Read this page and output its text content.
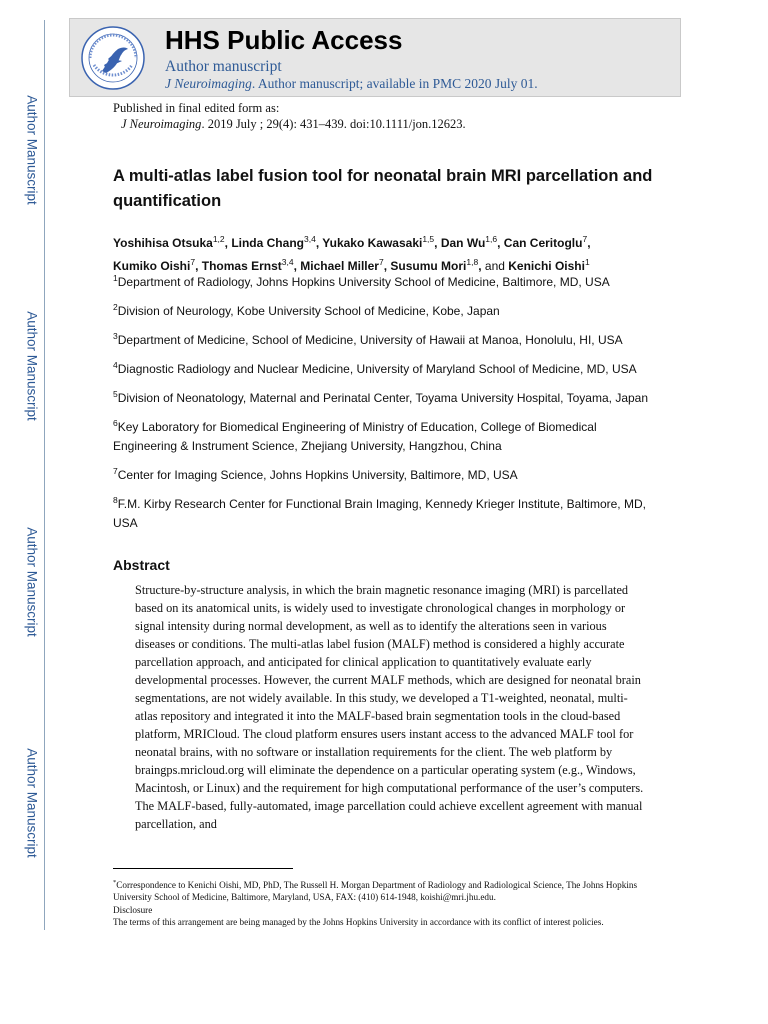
Author Manuscript
Author Manuscript
Author Manuscript
Author Manuscript
HHS Public Access
Author manuscript
J Neuroimaging. Author manuscript; available in PMC 2020 July 01.
Published in final edited form as:
J Neuroimaging. 2019 July ; 29(4): 431–439. doi:10.1111/jon.12623.
A multi-atlas label fusion tool for neonatal brain MRI parcellation and quantification
Yoshihisa Otsuka$^{1,2}$, Linda Chang$^{3,4}$, Yukako Kawasaki$^{1,5}$, Dan Wu$^{1,6}$, Can Ceritoglu$^7$, Kumiko Oishi$^7$, Thomas Ernst$^{3,4}$, Michael Miller$^7$, Susumu Mori$^{1,8}$, and Kenichi Oishi$^1$
$^1$Department of Radiology, Johns Hopkins University School of Medicine, Baltimore, MD, USA
$^2$Division of Neurology, Kobe University School of Medicine, Kobe, Japan
$^3$Department of Medicine, School of Medicine, University of Hawaii at Manoa, Honolulu, HI, USA
$^4$Diagnostic Radiology and Nuclear Medicine, University of Maryland School of Medicine, MD, USA
$^5$Division of Neonatology, Maternal and Perinatal Center, Toyama University Hospital, Toyama, Japan
$^6$Key Laboratory for Biomedical Engineering of Ministry of Education, College of Biomedical Engineering & Instrument Science, Zhejiang University, Hangzhou, China
$^7$Center for Imaging Science, Johns Hopkins University, Baltimore, MD, USA
$^8$F.M. Kirby Research Center for Functional Brain Imaging, Kennedy Krieger Institute, Baltimore, MD, USA
Abstract
Structure-by-structure analysis, in which the brain magnetic resonance imaging (MRI) is parcellated based on its anatomical units, is widely used to investigate chronological changes in morphology or signal intensity during normal development, as well as to identify the alterations seen in various diseases or conditions. The multi-atlas label fusion (MALF) method is considered a highly accurate parcellation approach, and anticipated for clinical application to quantitatively evaluate early developmental processes. However, the current MALF methods, which are designed for neonatal brain segmentations, are not widely available. In this study, we developed a T1-weighted, neonatal, multi-atlas repository and integrated it into the MALF-based brain segmentation tools in the cloud-based platform, MRICloud. The cloud platform ensures users instant access to the advanced MALF tool for neonatal brains, with no software or installation requirements for the client. The web platform by braingps.mricloud.org will eliminate the dependence on a particular operating system (e.g., Windows, Macintosh, or Linux) and the requirement for high computational performance of the user’s computers. The MALF-based, fully-automated, image parcellation could achieve excellent agreement with manual parcellation, and
*Correspondence to Kenichi Oishi, MD, PhD, The Russell H. Morgan Department of Radiology and Radiological Science, The Johns Hopkins University School of Medicine, Baltimore, Maryland, USA, FAX: (410) 614-1948, koishi@mri.jhu.edu.
Disclosure
The terms of this arrangement are being managed by the Johns Hopkins University in accordance with its conflict of interest policies.
